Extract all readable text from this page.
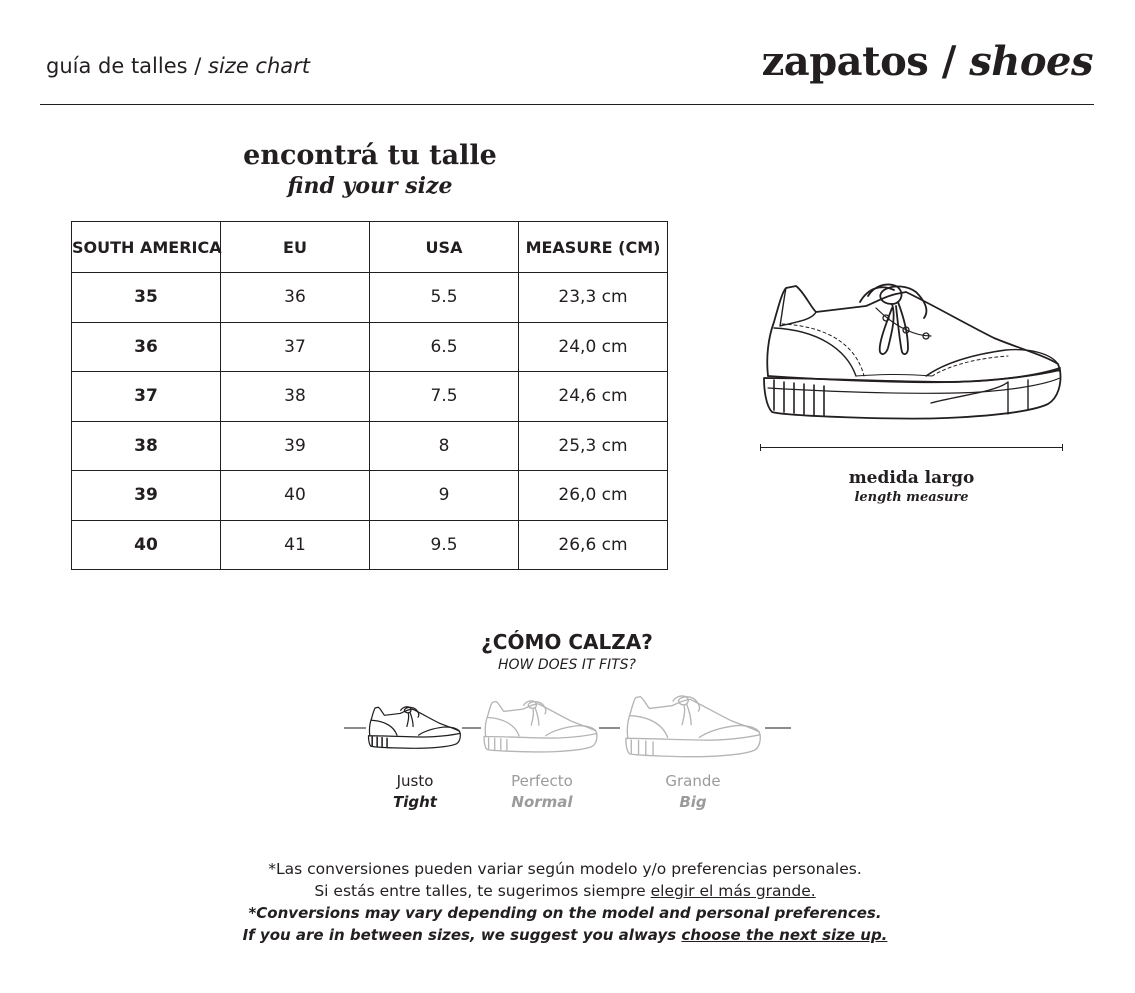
guía de talles / size chart	zapatos / shoes
encontrá tu talle
find your size
SOUTH AMERICA	EU	USA	MEASURE (CM)
35	36	5.5	23,3 cm
36	37	6.5	24,0 cm
37	38	7.5	24,6 cm
38	39	8	25,3 cm
39	40	9	26,0 cm
40	41	9.5	26,6 cm
medida largo
length measure
¿CÓMO CALZA?
HOW DOES IT FITS?
Justo
Tight
Perfecto
Normal
Grande
Big
*Las conversiones pueden variar según modelo y/o preferencias personales.
Si estás entre talles, te sugerimos siempre elegir el más grande.
*Conversions may vary depending on the model and personal preferences.
If you are in between sizes, we suggest you always choose the next size up.
